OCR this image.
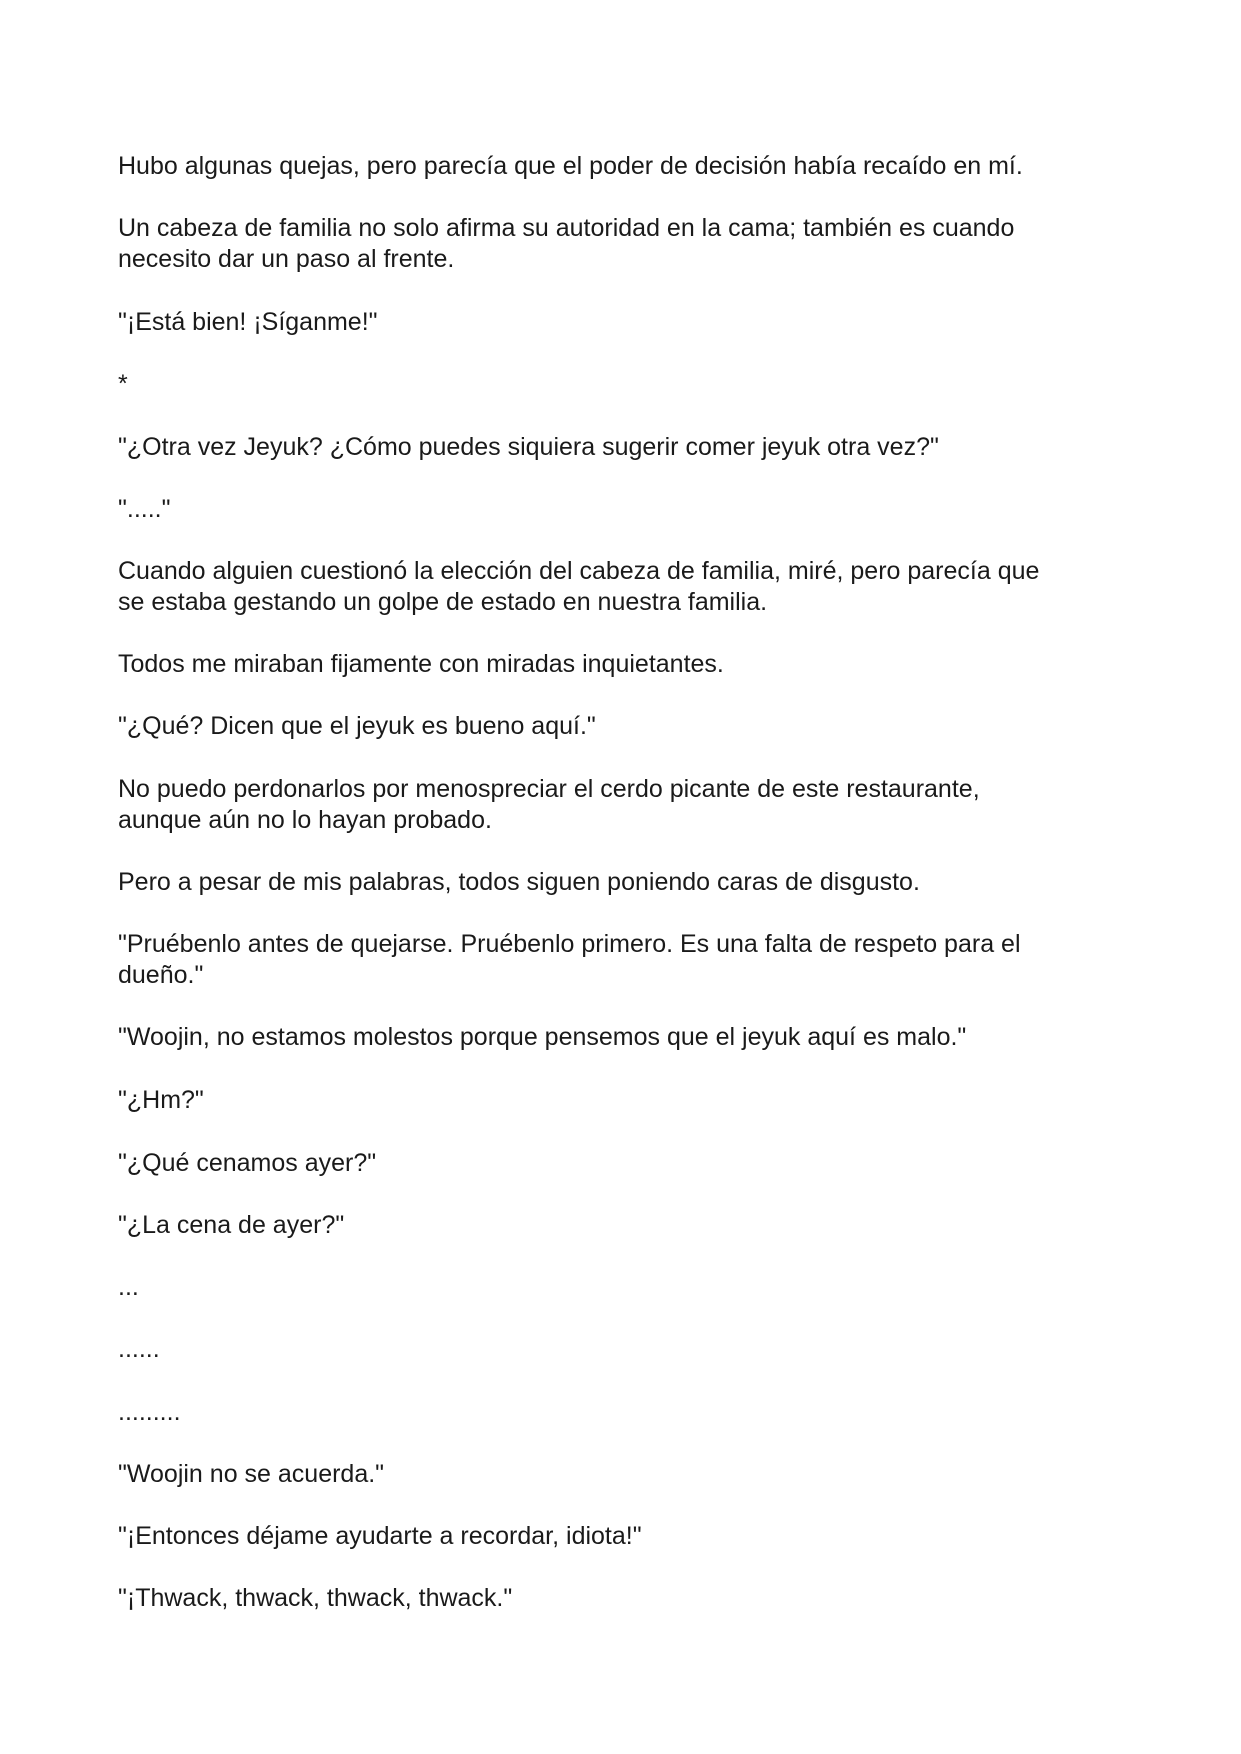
Hubo algunas quejas, pero parecía que el poder de decisión había recaído en mí.

Un cabeza de familia no solo afirma su autoridad en la cama; también es cuando
necesito dar un paso al frente.

"¡Está bien! ¡Síganme!"

*

"¿Otra vez Jeyuk? ¿Cómo puedes siquiera sugerir comer jeyuk otra vez?"

"....."

Cuando alguien cuestionó la elección del cabeza de familia, miré, pero parecía que
se estaba gestando un golpe de estado en nuestra familia.

Todos me miraban fijamente con miradas inquietantes.

"¿Qué? Dicen que el jeyuk es bueno aquí."

No puedo perdonarlos por menospreciar el cerdo picante de este restaurante,
aunque aún no lo hayan probado.

Pero a pesar de mis palabras, todos siguen poniendo caras de disgusto.

"Pruébenlo antes de quejarse. Pruébenlo primero. Es una falta de respeto para el
dueño."

"Woojin, no estamos molestos porque pensemos que el jeyuk aquí es malo."

"¿Hm?"

"¿Qué cenamos ayer?"

"¿La cena de ayer?"

...

......

.........

"Woojin no se acuerda."

"¡Entonces déjame ayudarte a recordar, idiota!"

"¡Thwack, thwack, thwack, thwack."
